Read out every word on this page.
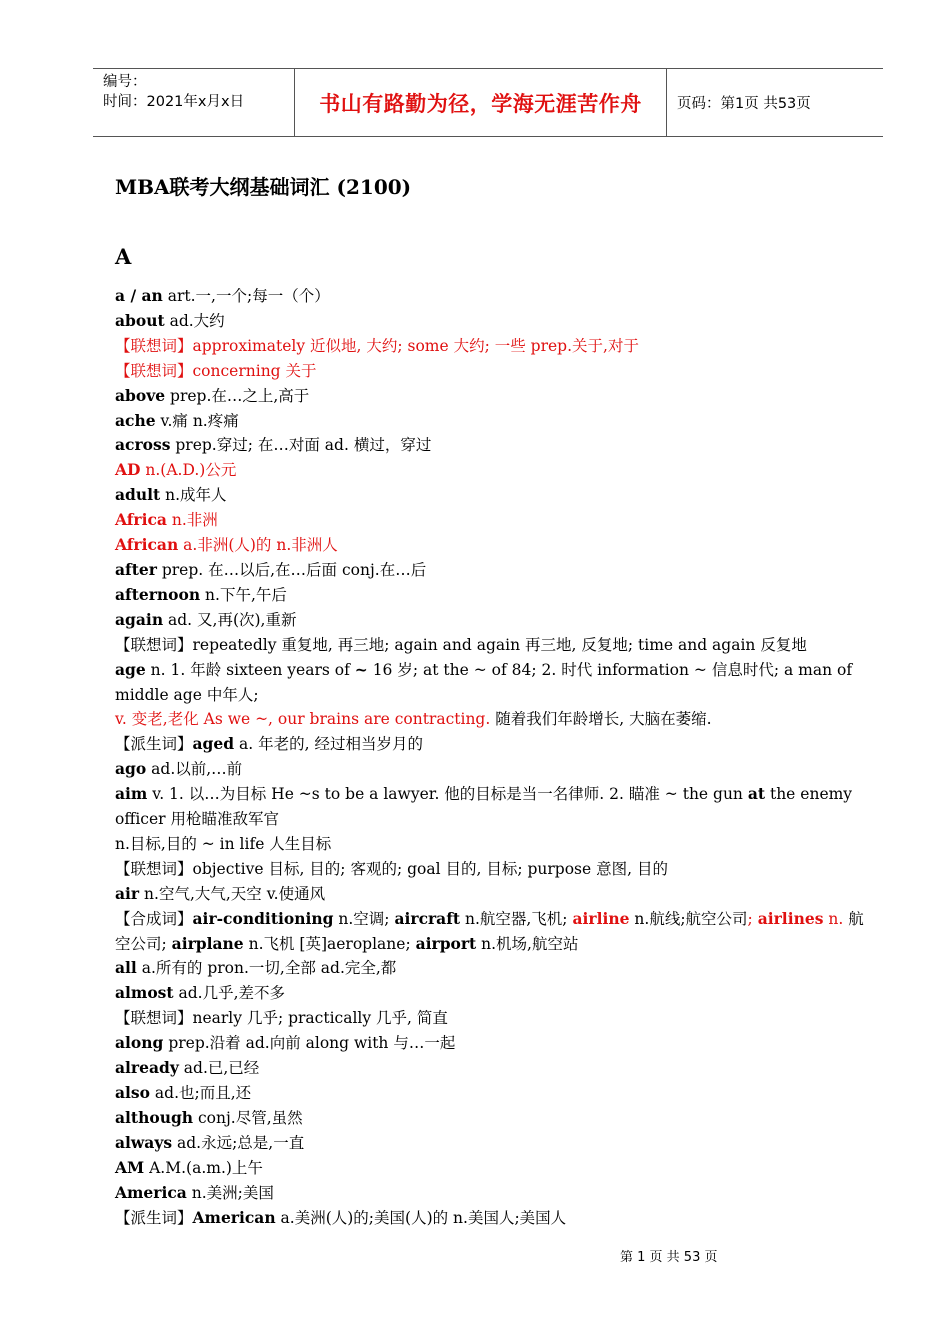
编号：
时间：2021年x月x日	书山有路勤为径，学海无涯苦作舟	页码：第1页 共53页
MBA联考大纲基础词汇 (2100)
A
a / an art.一,一个;每一（个）
about ad.大约
【联想词】approximately 近似地, 大约; some 大约; 一些 prep.关于,对于
【联想词】concerning 关于
above prep.在…之上,高于
ache v.痛 n.疼痛
across prep.穿过; 在…对面 ad. 横过，穿过
AD n.(A.D.)公元
adult n.成年人
Africa n.非洲
African a.非洲(人)的 n.非洲人
after prep. 在…以后,在…后面 conj.在…后
afternoon n.下午,午后
again ad. 又,再(次),重新
【联想词】repeatedly 重复地, 再三地; again and again 再三地, 反复地; time and again 反复地
age n. 1. 年龄 sixteen years of ~ 16 岁; at the ~ of 84; 2. 时代 information ~ 信息时代; a man of middle age 中年人;
v. 变老,老化 As we ~, our brains are contracting. 随着我们年龄增长, 大脑在萎缩.
【派生词】aged a. 年老的, 经过相当岁月的
ago ad.以前,…前
aim v. 1. 以…为目标 He ~s to be a lawyer. 他的目标是当一名律师. 2. 瞄准 ~ the gun at the enemy officer 用枪瞄准敌军官
n.目标,目的 ~ in life 人生目标
【联想词】objective 目标, 目的; 客观的; goal 目的, 目标; purpose 意图, 目的
air n.空气,大气,天空 v.使通风
【合成词】air-conditioning n.空调; aircraft n.航空器,飞机; airline n.航线;航空公司; airlines n. 航空公司; airplane n.飞机 [英]aeroplane; airport n.机场,航空站
all a.所有的 pron.一切,全部 ad.完全,都
almost ad.几乎,差不多
【联想词】nearly 几乎; practically 几乎, 简直
along prep.沿着 ad.向前 along with 与…一起
already ad.已,已经
also ad.也;而且,还
although conj.尽管,虽然
always ad.永远;总是,一直
AM A.M.(a.m.)上午
America n.美洲;美国
【派生词】American a.美洲(人)的;美国(人)的 n.美国人;美国人
第 1 页 共 53 页
